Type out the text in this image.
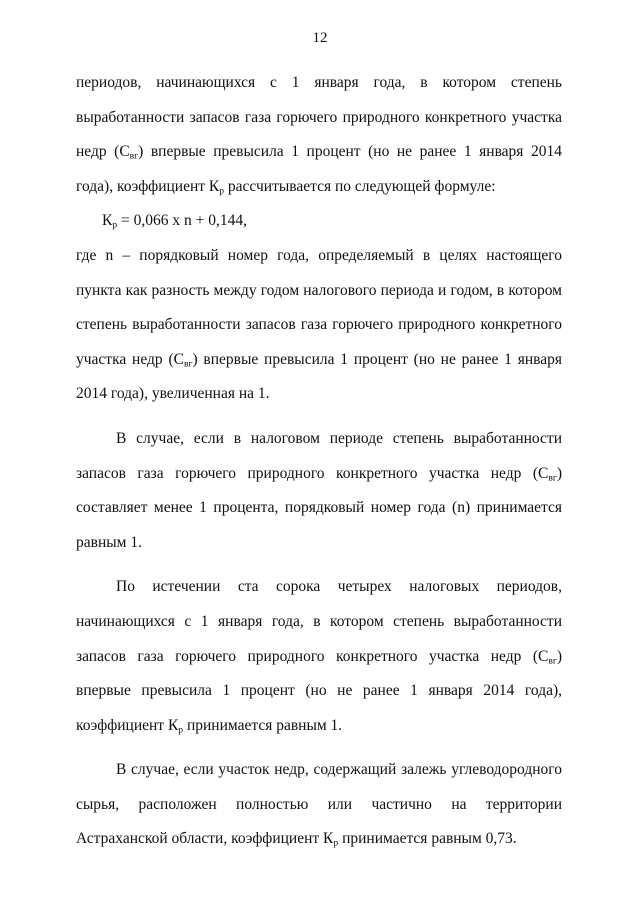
12

периодов, начинающихся с 1 января года, в котором степень выработанности запасов газа горючего природного конкретного участка недр $(С_{вг})$ впервые превысила 1 процент (но не ранее 1 января 2014 года), коэффициент $К_р$ рассчитывается по следующей формуле:

$К_р = 0,066$ х n + 0,144,

где n – порядковый номер года, определяемый в целях настоящего пункта как разность между годом налогового периода и годом, в котором степень выработанности запасов газа горючего природного конкретного участка недр $(С_{вг})$ впервые превысила 1 процент (но не ранее 1 января 2014 года), увеличенная на 1.

В случае, если в налоговом периоде степень выработанности запасов газа горючего природного конкретного участка недр $(С_{вг})$ составляет менее 1 процента, порядковый номер года (n) принимается равным 1.

По истечении ста сорока четырех налоговых периодов, начинающихся с 1 января года, в котором степень выработанности запасов газа горючего природного конкретного участка недр $(С_{вг})$ впервые превысила 1 процент (но не ранее 1 января 2014 года), коэффициент $К_р$ принимается равным 1.

В случае, если участок недр, содержащий залежь углеводородного сырья, расположен полностью или частично на территории Астраханской области, коэффициент $К_р$ принимается равным 0,73.
